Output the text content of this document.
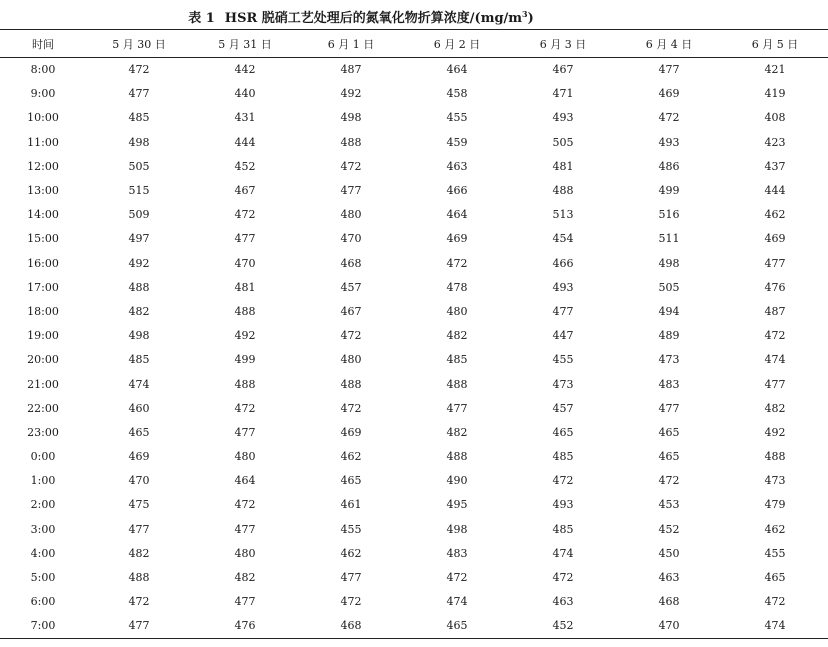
表 1 HSR 脱硝工艺处理后的氮氧化物折算浓度$/(mg/m^3)$
时间	5 月 30 日	5 月 31 日	6 月 1 日	6 月 2 日	6 月 3 日	6 月 4 日	6 月 5 日
8:00	472	442	487	464	467	477	421
9:00	477	440	492	458	471	469	419
10:00	485	431	498	455	493	472	408
11:00	498	444	488	459	505	493	423
12:00	505	452	472	463	481	486	437
13:00	515	467	477	466	488	499	444
14:00	509	472	480	464	513	516	462
15:00	497	477	470	469	454	511	469
16:00	492	470	468	472	466	498	477
17:00	488	481	457	478	493	505	476
18:00	482	488	467	480	477	494	487
19:00	498	492	472	482	447	489	472
20:00	485	499	480	485	455	473	474
21:00	474	488	488	488	473	483	477
22:00	460	472	472	477	457	477	482
23:00	465	477	469	482	465	465	492
0:00	469	480	462	488	485	465	488
1:00	470	464	465	490	472	472	473
2:00	475	472	461	495	493	453	479
3:00	477	477	455	498	485	452	462
4:00	482	480	462	483	474	450	455
5:00	488	482	477	472	472	463	465
6:00	472	477	472	474	463	468	472
7:00	477	476	468	465	452	470	474
